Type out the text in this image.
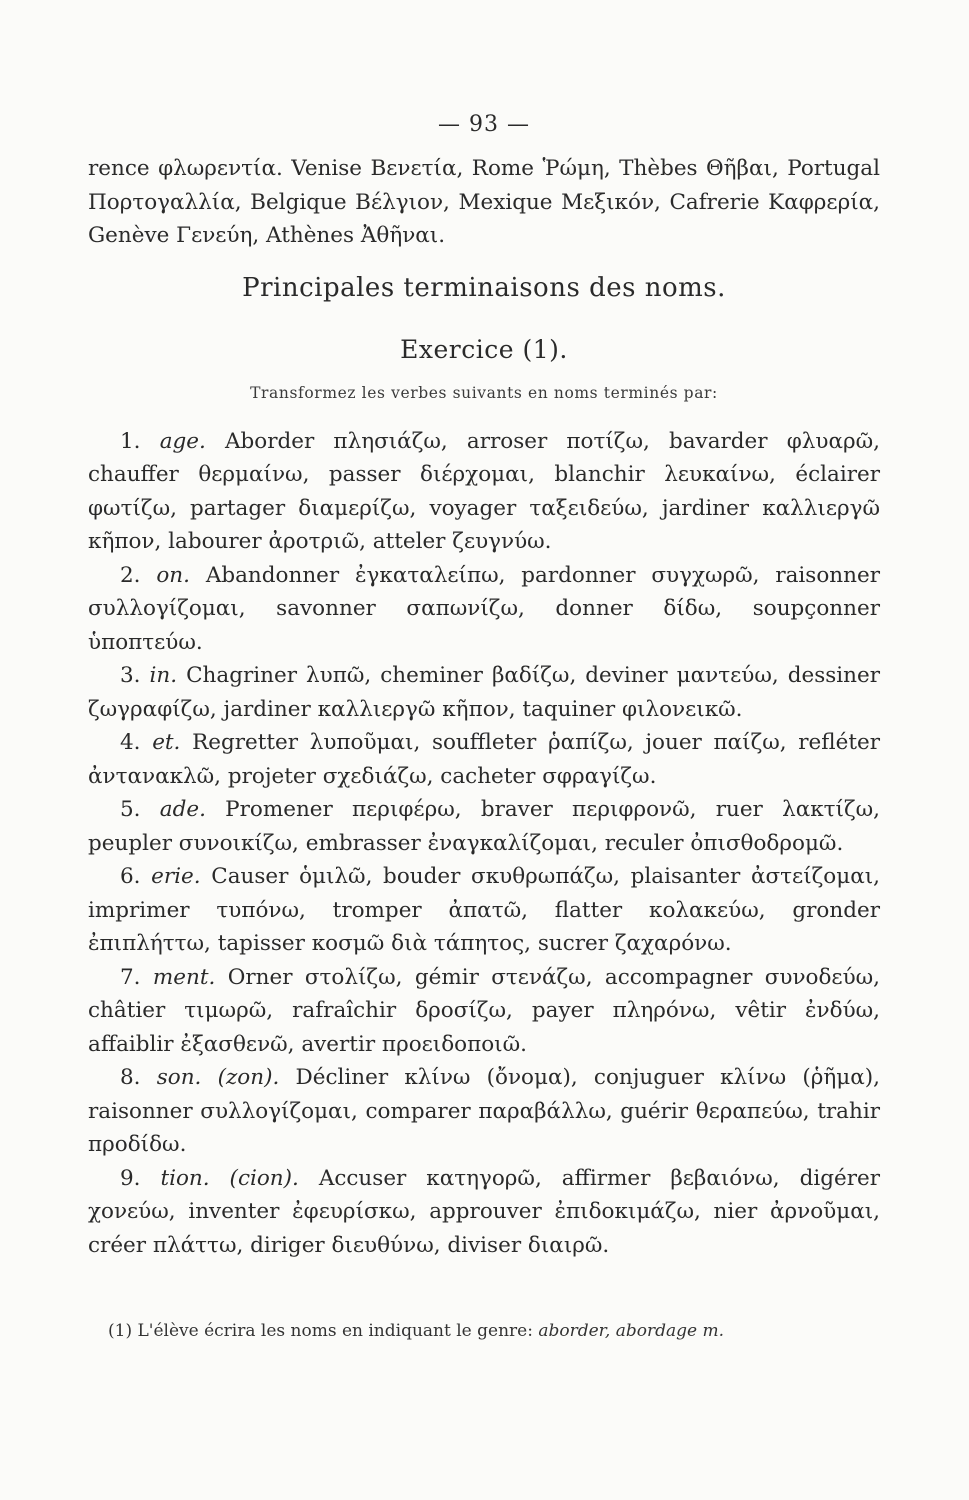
— 93 —

rence φλωρεντία. Venise Βενετία, Rome Ῥώμη, Thèbes Θῆβαι, Portugal Πορτογαλλία, Belgique Βέλγιον, Mexique Μεξικόν, Cafrerie Καφρερία, Genève Γενεύη, Athènes Ἀθῆναι.

Principales terminaisons des noms.
Exercice (1).
Transformez les verbes suivants en noms terminés par:

1. age. Aborder πλησιάζω, arroser ποτίζω, bavarder φλυαρῶ, chauffer θερμαίνω, passer διέρχομαι, blanchir λευκαίνω, éclairer φωτίζω, partager διαμερίζω, voyager ταξειδεύω, jardiner καλλιεργῶ κῆπον, labourer ἀροτριῶ, atteler ζευγνύω.

2. on. Abandonner ἐγκαταλείπω, pardonner συγχωρῶ, raisonner συλλογίζομαι, savonner σαπωνίζω, donner δίδω, soupçonner ὑποπτεύω.

3. in. Chagriner λυπῶ, cheminer βαδίζω, deviner μαντεύω, dessiner ζωγραφίζω, jardiner καλλιεργῶ κῆπον, taquiner φιλονεικῶ.

4. et. Regretter λυποῦμαι, souffleter ῥαπίζω, jouer παίζω, refléter ἀντανακλῶ, projeter σχεδιάζω, cacheter σφραγίζω.

5. ade. Promener περιφέρω, braver περιφρονῶ, ruer λακτίζω, peupler συνοικίζω, embrasser ἐναγκαλίζομαι, reculer ὀπισθοδρομῶ.

6. erie. Causer ὁμιλῶ, bouder σκυθρωπάζω, plaisanter ἀστείζομαι, imprimer τυπόνω, tromper ἀπατῶ, flatter κολακεύω, gronder ἐπιπλήττω, tapisser κοσμῶ διὰ τάπητος, sucrer ζαχαρόνω.

7. ment. Orner στολίζω, gémir στενάζω, accompagner συνοδεύω, châtier τιμωρῶ, rafraîchir δροσίζω, payer πληρόνω, vêtir ἐνδύω, affaiblir ἐξασθενῶ, avertir προειδοποιῶ.

8. son. (zon). Décliner κλίνω (ὄνομα), conjuguer κλίνω (ῥῆμα), raisonner συλλογίζομαι, comparer παραβάλλω, guérir θεραπεύω, trahir προδίδω.

9. tion. (cion). Accuser κατηγορῶ, affirmer βεβαιόνω, digérer χονεύω, inventer ἐφευρίσκω, approuver ἐπιδοκιμάζω, nier ἀρνοῦμαι, créer πλάττω, diriger διευθύνω, diviser διαιρῶ.

(1) L'élève écrira les noms en indiquant le genre: aborder, abordage m.
